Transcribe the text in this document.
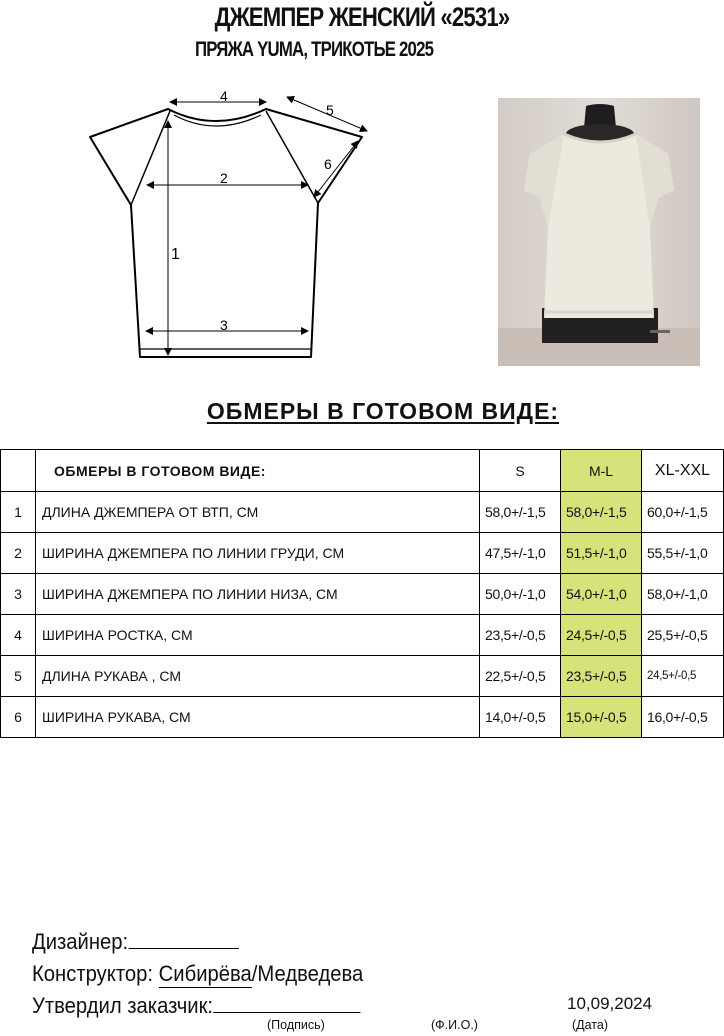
ДЖЕМПЕР ЖЕНСКИЙ «2531»
ПРЯЖА YUMA, ТРИКОТЬЕ 2025
4
5
6
2
1
3
ОБМЕРЫ В ГОТОВОМ ВИДЕ:
	ОБМЕРЫ В ГОТОВОМ ВИДЕ:	S	M-L	XL-XXL
1	ДЛИНА ДЖЕМПЕРА ОТ ВТП, СМ	58,0+/-1,5	58,0+/-1,5	60,0+/-1,5
2	ШИРИНА ДЖЕМПЕРА ПО ЛИНИИ ГРУДИ, СМ	47,5+/-1,0	51,5+/-1,0	55,5+/-1,0
3	ШИРИНА ДЖЕМПЕРА ПО ЛИНИИ НИЗА, СМ	50,0+/-1,0	54,0+/-1,0	58,0+/-1,0
4	ШИРИНА РОСТКА, СМ	23,5+/-0,5	24,5+/-0,5	25,5+/-0,5
5	ДЛИНА РУКАВА , СМ	22,5+/-0,5	23,5+/-0,5	24,5+/-0,5
6	ШИРИНА РУКАВА, СМ	14,0+/-0,5	15,0+/-0,5	16,0+/-0,5
Дизайнер:
Конструктор: Сибирёва/Медведева
Утвердил заказчик:	10,09,2024
(Подпись)	(Ф.И.О.)	(Дата)
